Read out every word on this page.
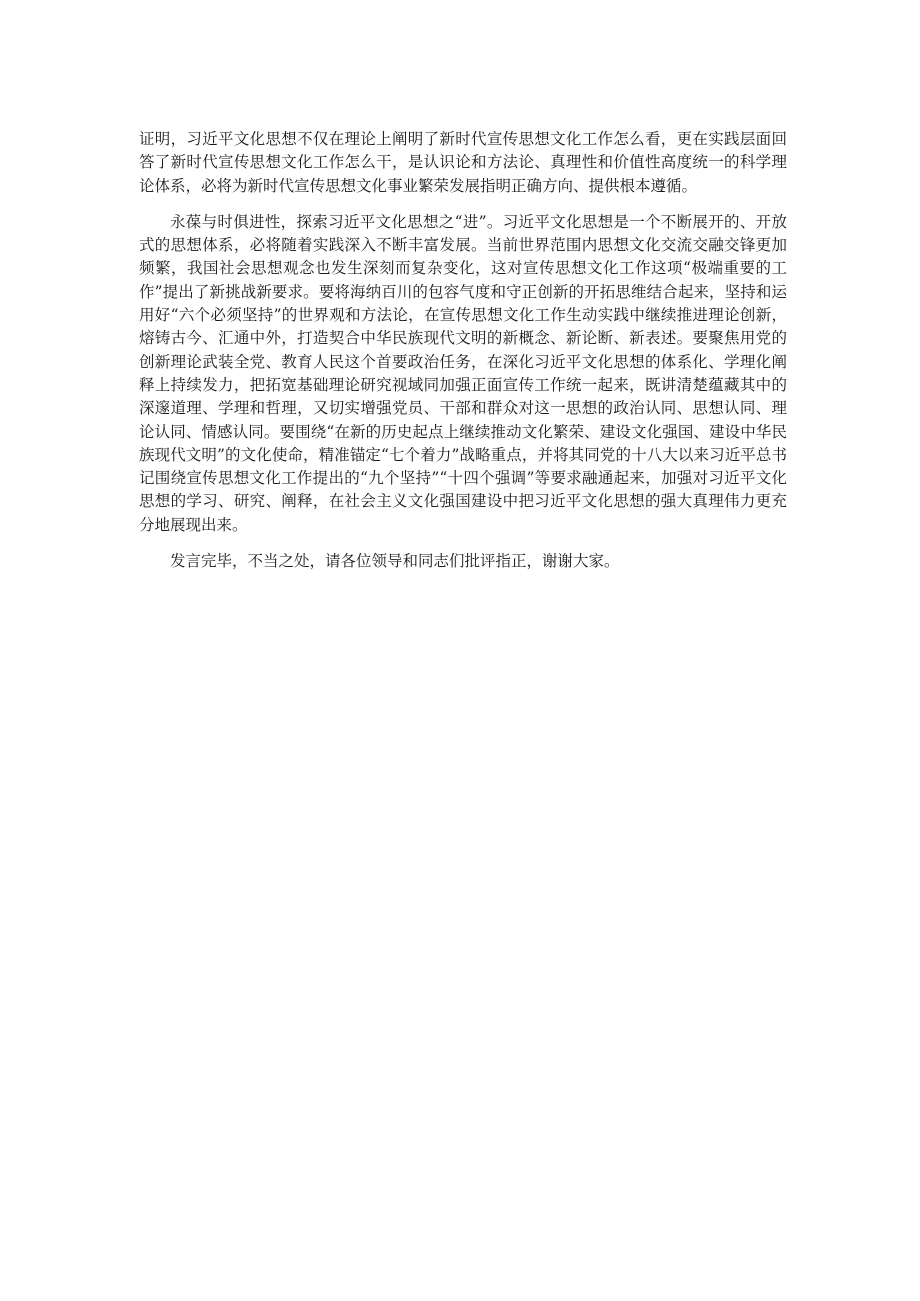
证明，习近平文化思想不仅在理论上阐明了新时代宣传思想文化工作怎么看，更在实践层面回答了新时代宣传思想文化工作怎么干，是认识论和方法论、真理性和价值性高度统一的科学理论体系，必将为新时代宣传思想文化事业繁荣发展指明正确方向、提供根本遵循。

永葆与时俱进性，探索习近平文化思想之“进”。习近平文化思想是一个不断展开的、开放式的思想体系，必将随着实践深入不断丰富发展。当前世界范围内思想文化交流交融交锋更加频繁，我国社会思想观念也发生深刻而复杂变化，这对宣传思想文化工作这项“极端重要的工作”提出了新挑战新要求。要将海纳百川的包容气度和守正创新的开拓思维结合起来，坚持和运用好“六个必须坚持”的世界观和方法论，在宣传思想文化工作生动实践中继续推进理论创新，熔铸古今、汇通中外，打造契合中华民族现代文明的新概念、新论断、新表述。要聚焦用党的创新理论武装全党、教育人民这个首要政治任务，在深化习近平文化思想的体系化、学理化阐释上持续发力，把拓宽基础理论研究视域同加强正面宣传工作统一起来，既讲清楚蕴藏其中的深邃道理、学理和哲理，又切实增强党员、干部和群众对这一思想的政治认同、思想认同、理论认同、情感认同。要围绕“在新的历史起点上继续推动文化繁荣、建设文化强国、建设中华民族现代文明”的文化使命，精准锚定“七个着力”战略重点，并将其同党的十八大以来习近平总书记围绕宣传思想文化工作提出的“九个坚持”“十四个强调”等要求融通起来，加强对习近平文化思想的学习、研究、阐释，在社会主义文化强国建设中把习近平文化思想的强大真理伟力更充分地展现出来。

发言完毕，不当之处，请各位领导和同志们批评指正，谢谢大家。
